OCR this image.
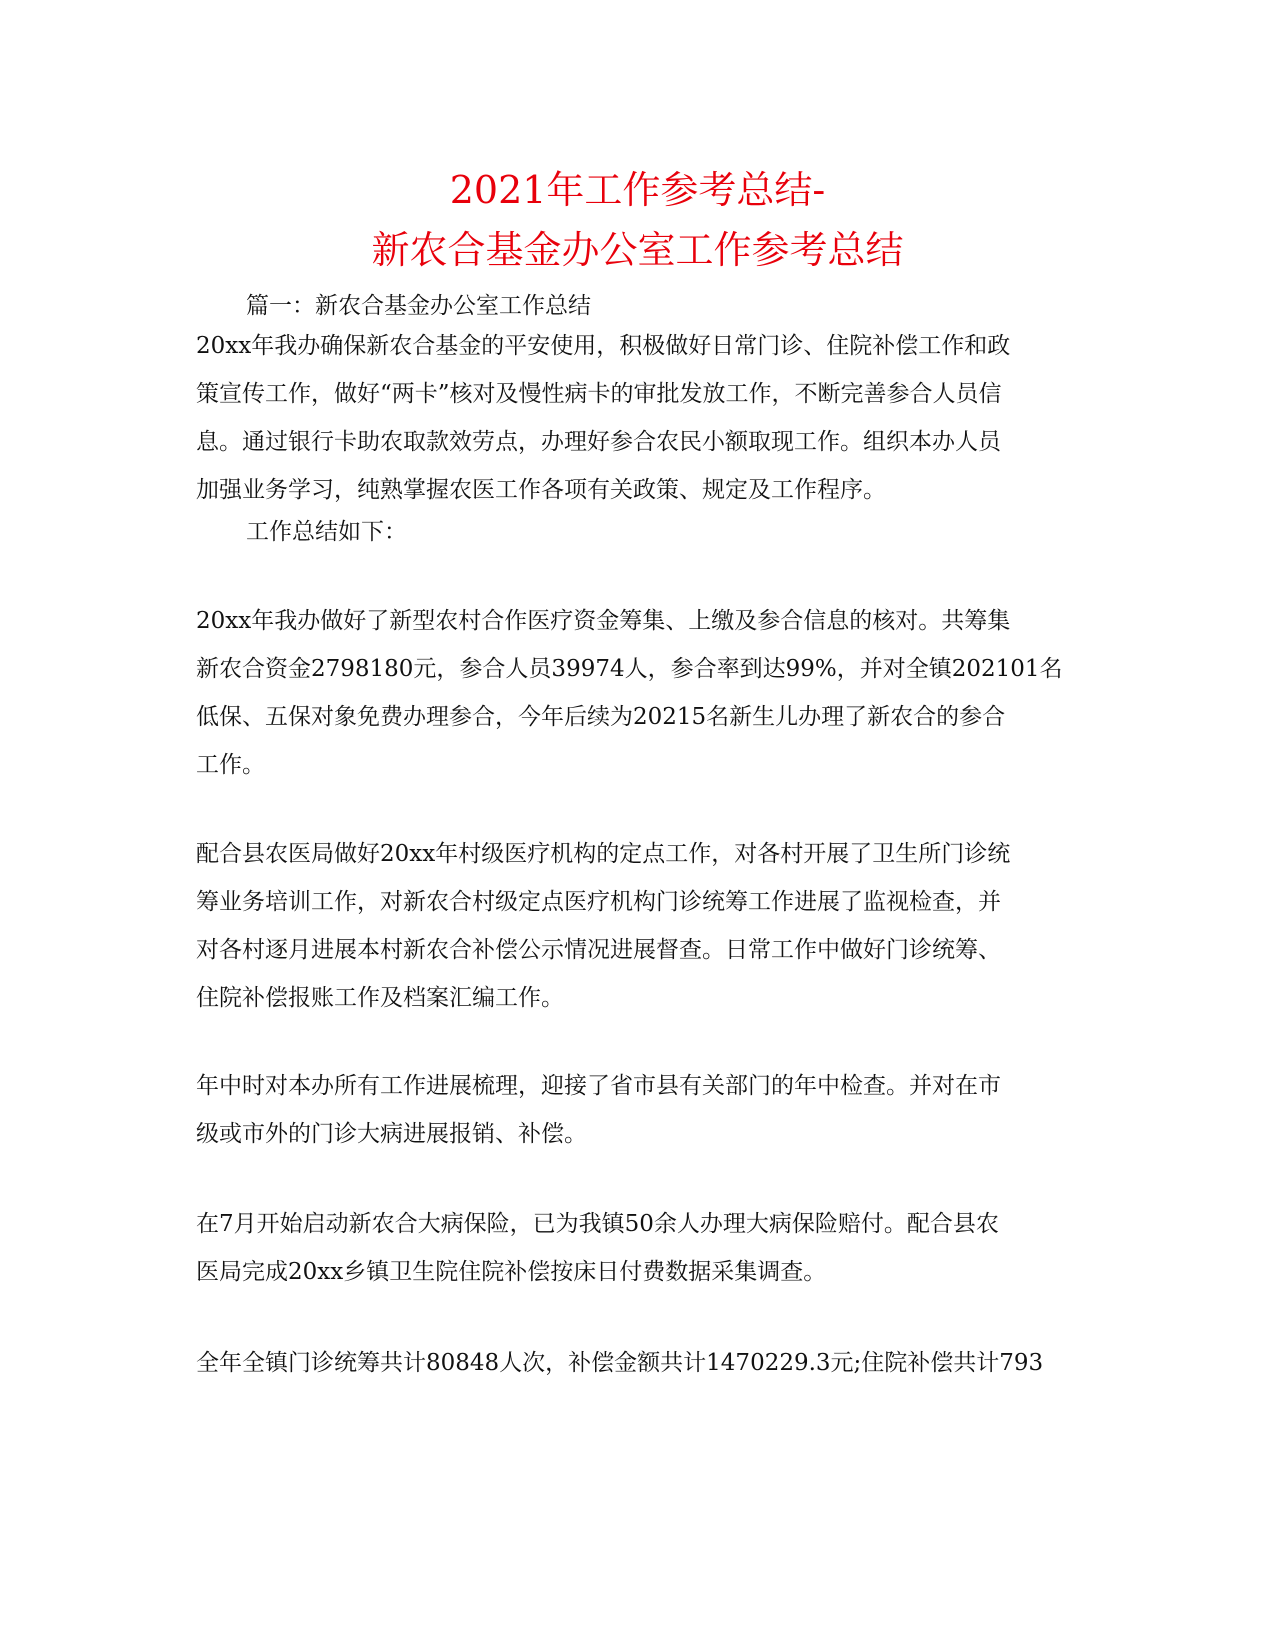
2021年工作参考总结-
新农合基金办公室工作参考总结
篇一：新农合基金办公室工作总结
20xx年我办确保新农合基金的平安使用，积极做好日常门诊、住院补偿工作和政
策宣传工作，做好“两卡”核对及慢性病卡的审批发放工作，不断完善参合人员信
息。通过银行卡助农取款效劳点，办理好参合农民小额取现工作。组织本办人员
加强业务学习，纯熟掌握农医工作各项有关政策、规定及工作程序。
工作总结如下：
20xx年我办做好了新型农村合作医疗资金筹集、上缴及参合信息的核对。共筹集
新农合资金2798180元，参合人员39974人，参合率到达99%，并对全镇202101名
低保、五保对象免费办理参合，今年后续为20215名新生儿办理了新农合的参合
工作。
配合县农医局做好20xx年村级医疗机构的定点工作，对各村开展了卫生所门诊统
筹业务培训工作，对新农合村级定点医疗机构门诊统筹工作进展了监视检查，并
对各村逐月进展本村新农合补偿公示情况进展督查。日常工作中做好门诊统筹、
住院补偿报账工作及档案汇编工作。
年中时对本办所有工作进展梳理，迎接了省市县有关部门的年中检查。并对在市
级或市外的门诊大病进展报销、补偿。
在7月开始启动新农合大病保险，已为我镇50余人办理大病保险赔付。配合县农
医局完成20xx乡镇卫生院住院补偿按床日付费数据采集调查。
全年全镇门诊统筹共计80848人次，补偿金额共计1470229.3元;住院补偿共计793
